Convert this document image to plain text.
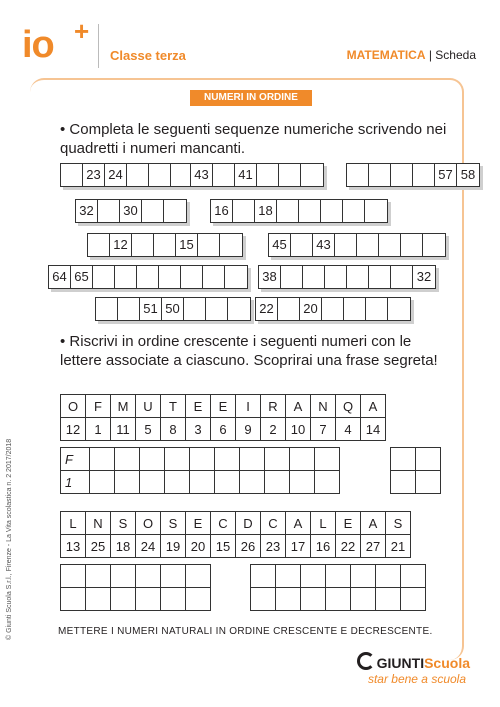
io +
Classe terza	MATEMATICA | Scheda
NUMERI IN ORDINE
• Completa le seguenti sequenze numeriche scrivendo nei quadretti i numeri mancanti.
23 24	43	41	57 58
32	30	16	18
12	15	45	43
64 65	38	32
51 50	22	20
• Riscrivi in ordine crescente i seguenti numeri con le lettere associate a ciascuno. Scoprirai una frase segreta!
O	F	M	U	T	E	E	I	R	A	N	Q	A
12	1	11	5	8	3	6	9	2	10	7	4	14
F										
1										

L	N	S	O	S	E	C	D	C	A	L	E	A	S
13	25	18	24	19	20	15	26	23	17	16	22	27	21

METTERE I NUMERI NATURALI IN ORDINE CRESCENTE E DECRESCENTE.
© Giunti Scuola S.r.l., Firenze - La Vita scolastica n. 2 2017/2018
GIUNTIScuola
star bene a scuola
